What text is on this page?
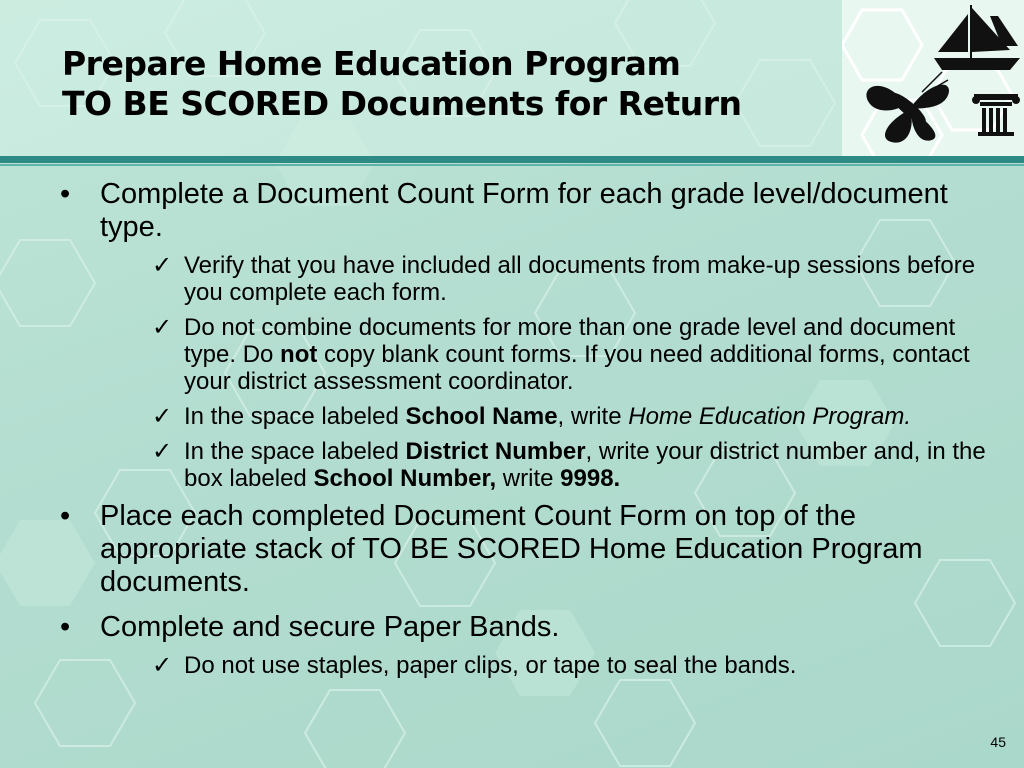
Prepare Home Education Program
TO BE SCORED Documents for Return
• Complete a Document Count Form for each grade level/document type.
✓ Verify that you have included all documents from make-up sessions before you complete each form.
✓ Do not combine documents for more than one grade level and document type. Do not copy blank count forms. If you need additional forms, contact your district assessment coordinator.
✓ In the space labeled School Name, write Home Education Program.
✓ In the space labeled District Number, write your district number and, in the box labeled School Number, write 9998.
• Place each completed Document Count Form on top of the appropriate stack of TO BE SCORED Home Education Program documents.
• Complete and secure Paper Bands.
✓ Do not use staples, paper clips, or tape to seal the bands.
45
